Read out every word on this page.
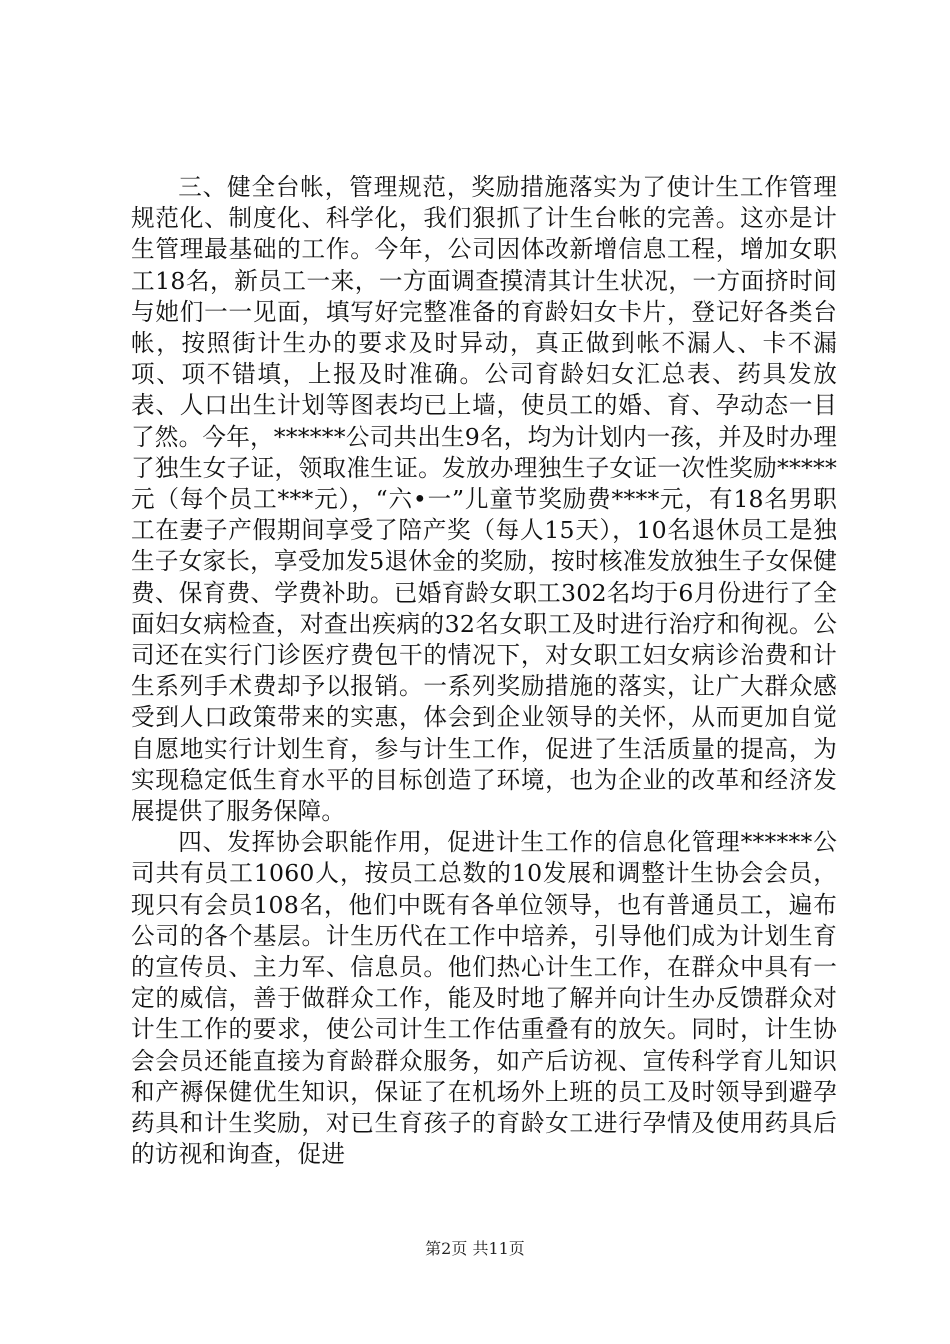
三、健全台帐，管理规范，奖励措施落实为了使计生工作管理规范化、制度化、科学化，我们狠抓了计生台帐的完善。这亦是计生管理最基础的工作。今年，公司因体改新增信息工程，增加女职工18名，新员工一来，一方面调查摸清其计生状况，一方面挤时间与她们一一见面，填写好完整准备的育龄妇女卡片，登记好各类台帐，按照街计生办的要求及时异动，真正做到帐不漏人、卡不漏项、项不错填，上报及时准确。公司育龄妇女汇总表、药具发放表、人口出生计划等图表均已上墙，使员工的婚、育、孕动态一目了然。今年，******公司共出生9名，均为计划内一孩，并及时办理了独生女子证，领取准生证。发放办理独生子女证一次性奖励*****元（每个员工***元），“六•一”儿童节奖励费****元，有18名男职工在妻子产假期间享受了陪产奖（每人15天），10名退休员工是独生子女家长，享受加发5退休金的奖励，按时核准发放独生子女保健费、保育费、学费补助。已婚育龄女职工302名均于6月份进行了全面妇女病检查，对查出疾病的32名女职工及时进行治疗和徇视。公司还在实行门诊医疗费包干的情况下，对女职工妇女病诊治费和计生系列手术费却予以报销。一系列奖励措施的落实，让广大群众感受到人口政策带来的实惠，体会到企业领导的关怀，从而更加自觉自愿地实行计划生育，参与计生工作，促进了生活质量的提高，为实现稳定低生育水平的目标创造了环境，也为企业的改革和经济发展提供了服务保障。

四、发挥协会职能作用，促进计生工作的信息化管理******公司共有员工1060人，按员工总数的10发展和调整计生协会会员，现只有会员108名，他们中既有各单位领导，也有普通员工，遍布公司的各个基层。计生历代在工作中培养，引导他们成为计划生育的宣传员、主力军、信息员。他们热心计生工作，在群众中具有一定的威信，善于做群众工作，能及时地了解并向计生办反馈群众对计生工作的要求，使公司计生工作估重叠有的放矢。同时，计生协会会员还能直接为育龄群众服务，如产后访视、宣传科学育儿知识和产褥保健优生知识，保证了在机场外上班的员工及时领导到避孕药具和计生奖励，对已生育孩子的育龄女工进行孕情及使用药具后的访视和询查，促进

第2页 共11页
